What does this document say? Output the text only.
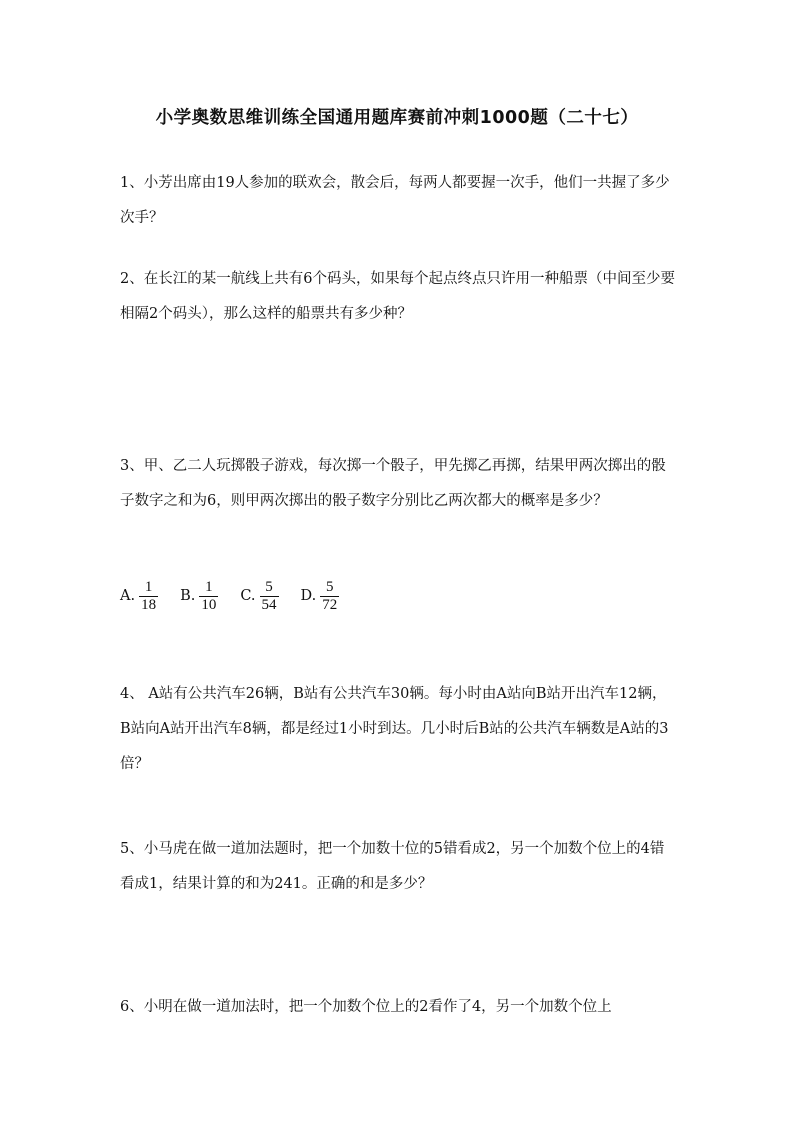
小学奥数思维训练全国通用题库赛前冲刺1000题（二十七）
1、小芳出席由19人参加的联欢会，散会后，每两人都要握一次手，他们一共握了多少次手？
2、在长江的某一航线上共有6个码头，如果每个起点终点只许用一种船票（中间至少要相隔2个码头），那么这样的船票共有多少种？
3、甲、乙二人玩掷骰子游戏，每次掷一个骰子，甲先掷乙再掷，结果甲两次掷出的骰子数字之和为6，则甲两次掷出的骰子数字分别比乙两次都大的概率是多少？
A. $\frac{1}{18} B$. $\frac{1}{10} C$. $\frac{5}{54} D$. $\frac{5}{72}$
4、 A站有公共汽车26辆，B站有公共汽车30辆。每小时由A站向B站开出汽车12辆，B站向A站开出汽车8辆，都是经过1小时到达。几小时后B站的公共汽车辆数是A站的3倍？
5、小马虎在做一道加法题时，把一个加数十位的5错看成2，另一个加数个位上的4错看成1，结果计算的和为241。正确的和是多少？
6、小明在做一道加法时，把一个加数个位上的2看作了4，另一个加数个位上
